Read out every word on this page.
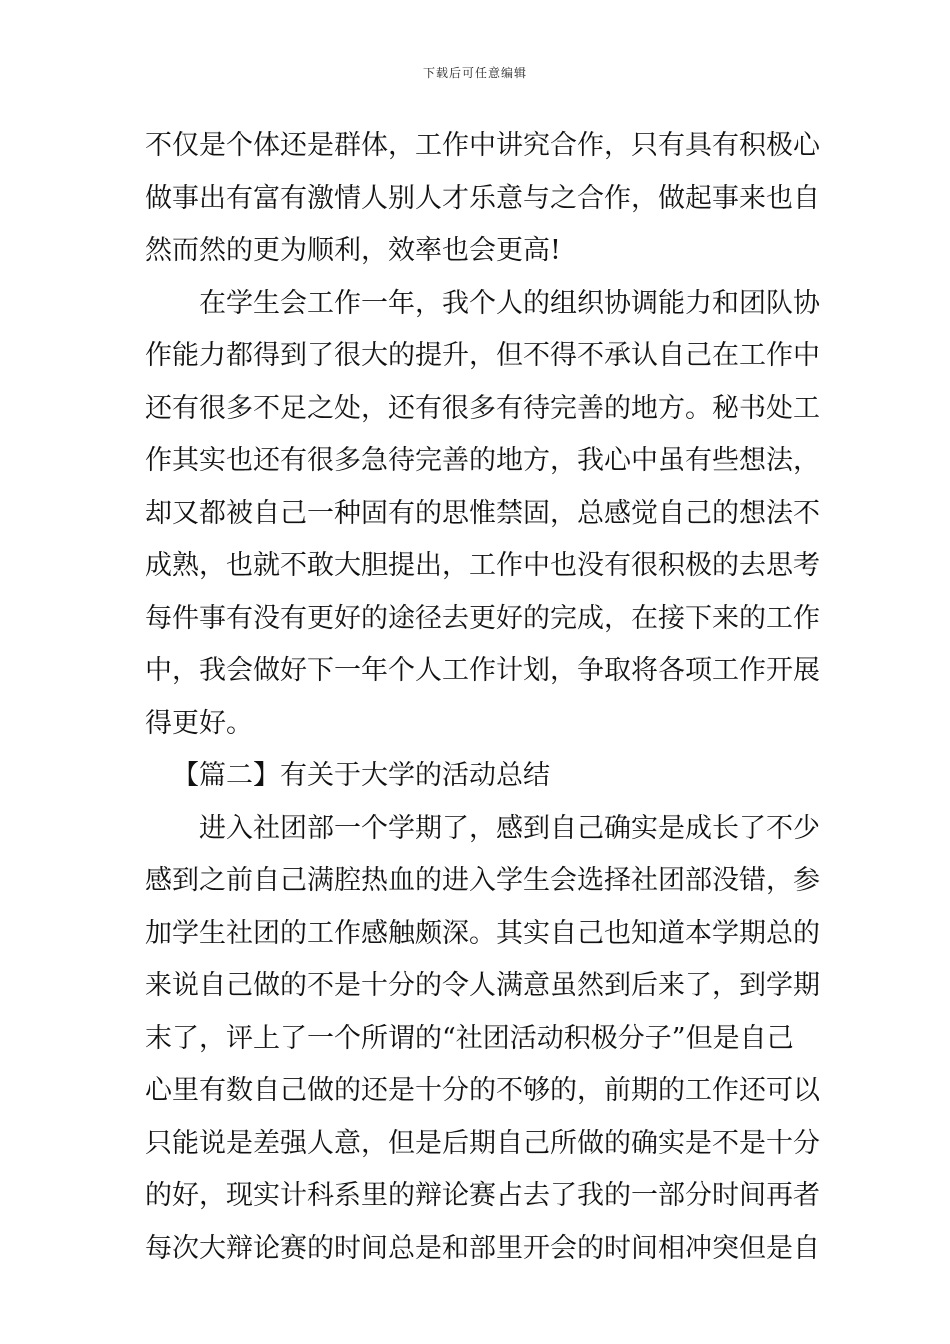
下载后可任意编辑
不仅是个体还是群体，工作中讲究合作，只有具有积极心
做事出有富有激情人别人才乐意与之合作，做起事来也自
然而然的更为顺利，效率也会更高!
在学生会工作一年，我个人的组织协调能力和团队协
作能力都得到了很大的提升，但不得不承认自己在工作中
还有很多不足之处，还有很多有待完善的地方。秘书处工
作其实也还有很多急待完善的地方，我心中虽有些想法，
却又都被自己一种固有的思惟禁固，总感觉自己的想法不
成熟，也就不敢大胆提出，工作中也没有很积极的去思考
每件事有没有更好的途径去更好的完成，在接下来的工作
中，我会做好下一年个人工作计划，争取将各项工作开展
得更好。
【篇二】有关于大学的活动总结
进入社团部一个学期了，感到自己确实是成长了不少
感到之前自己满腔热血的进入学生会选择社团部没错，参
加学生社团的工作感触颇深。其实自己也知道本学期总的
来说自己做的不是十分的令人满意虽然到后来了，到学期
末了，评上了一个所谓的“社团活动积极分子”但是自己
心里有数自己做的还是十分的不够的，前期的工作还可以
只能说是差强人意，但是后期自己所做的确实是不是十分
的好，现实计科系里的辩论赛占去了我的一部分时间再者
每次大辩论赛的时间总是和部里开会的时间相冲突但是自
